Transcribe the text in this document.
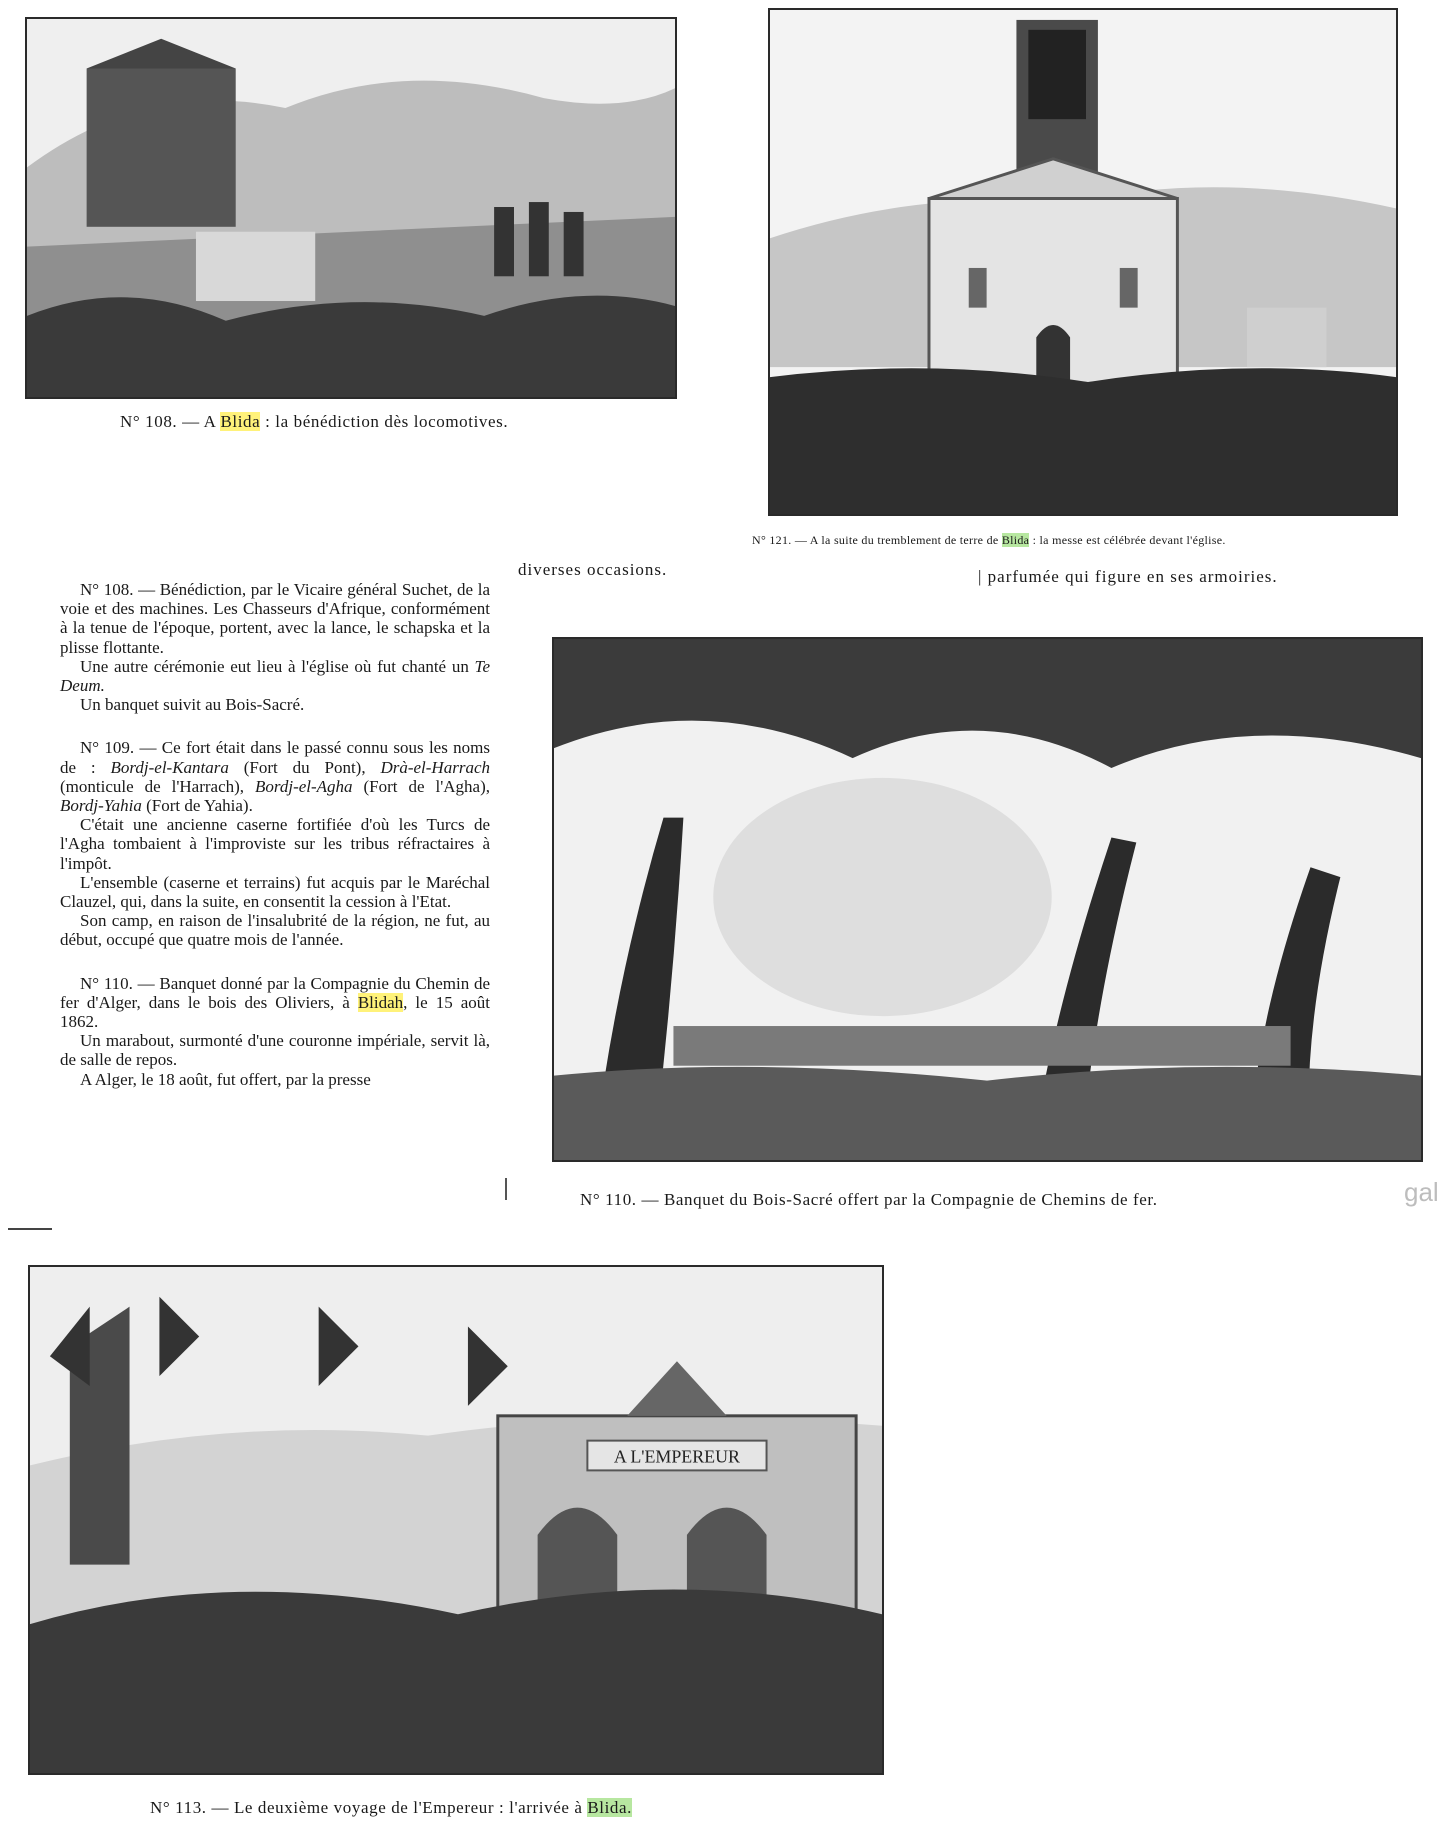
N° 108. — A Blida : la bénédiction dès locomotives.
N° 121. — A la suite du tremblement de terre de Blida : la messe est célébrée devant l'église.
diverses occasions.	| parfumée qui figure en ses armoiries.

N° 108. — Bénédiction, par le Vicaire général Suchet, de la voie et des machines. Les Chasseurs d'Afrique, conformément à la tenue de l'époque, portent, avec la lance, le schapska et la plisse flottante.

Une autre cérémonie eut lieu à l'église où fut chanté un Te Deum.

Un banquet suivit au Bois-Sacré.

N° 109. — Ce fort était dans le passé connu sous les noms de : Bordj-el-Kantara (Fort du Pont), Drà-el-Harrach (monticule de l'Harrach), Bordj-el-Agha (Fort de l'Agha), Bordj-Yahia (Fort de Yahia).

C'était une ancienne caserne fortifiée d'où les Turcs de l'Agha tombaient à l'improviste sur les tribus réfractaires à l'impôt.

L'ensemble (caserne et terrains) fut acquis par le Maréchal Clauzel, qui, dans la suite, en consentit la cession à l'Etat.

Son camp, en raison de l'insalubrité de la région, ne fut, au début, occupé que quatre mois de l'année.

N° 110. — Banquet donné par la Compagnie du Chemin de fer d'Alger, dans le bois des Oliviers, à Blidah, le 15 août 1862.

Un marabout, surmonté d'une couronne impériale, servit là, de salle de repos.

A Alger, le 18 août, fut offert, par la presse

N° 110. — Banquet du Bois-Sacré offert par la Compagnie de Chemins de fer.	gal
A L'EMPEREUR
N° 113. — Le deuxième voyage de l'Empereur : l'arrivée à Blida.
